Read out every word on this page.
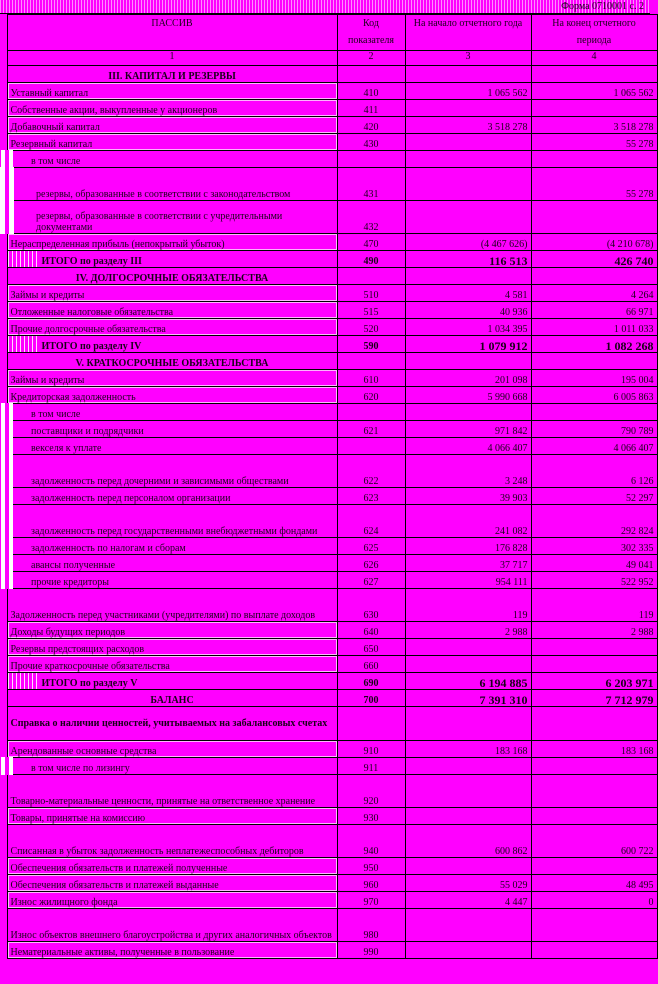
Форма 0710001 с. 2
ПАССИВ	Код показателя	На начало отчетного года	На конец отчетного периода
1	2	3	4
III. КАПИТАЛ И РЕЗЕРВЫ			
Уставный капитал	410	1 065 562	1 065 562
Собственные акции, выкупленные у акционеров	411		
Добавочный капитал	420	3 518 278	3 518 278
Резервный капитал	430		55 278
в том числе			
резервы, образованные в соответствии с законодательством	431		55 278
резервы, образованные в соответствии с учредительными документами	432		
Нераспределенная прибыль (непокрытый убыток)	470	(4 467 626)	(4 210 678)
ИТОГО по разделу III	490	116 513	426 740
IV. ДОЛГОСРОЧНЫЕ ОБЯЗАТЕЛЬСТВА			
Займы и кредиты	510	4 581	4 264
Отложенные налоговые обязательства	515	40 936	66 971
Прочие долгосрочные обязательства	520	1 034 395	1 011 033
ИТОГО по разделу IV	590	1 079 912	1 082 268
V. КРАТКОСРОЧНЫЕ ОБЯЗАТЕЛЬСТВА			
Займы и кредиты	610	201 098	195 004
Кредиторская задолженность	620	5 990 668	6 005 863
в том числе			
поставщики и подрядчики	621	971 842	790 789
векселя к уплате		4 066 407	4 066 407
задолженность перед дочерними и зависимыми обществами	622	3 248	6 126
задолженность перед персоналом организации	623	39 903	52 297
задолженность перед государственными внебюджетными фондами	624	241 082	292 824
задолженность по налогам и сборам	625	176 828	302 335
авансы полученные	626	37 717	49 041
прочие кредиторы	627	954 111	522 952
Задолженность перед участниками (учредителями) по выплате доходов	630	119	119
Доходы будущих периодов	640	2 988	2 988
Резервы предстоящих расходов	650		
Прочие краткосрочные обязательства	660		
ИТОГО по разделу V	690	6 194 885	6 203 971
БАЛАНС	700	7 391 310	7 712 979
Справка о наличии ценностей, учитываемых на забалансовых счетах			
Арендованные основные средства	910	183 168	183 168
в том числе по лизингу	911		
Товарно-материальные ценности, принятые на ответственное хранение	920		
Товары, принятые на комиссию	930		
Списанная в убыток задолженность неплатежеспособных дебиторов	940	600 862	600 722
Обеспечения обязательств и платежей полученные	950		
Обеспечения обязательств и платежей выданные	960	55 029	48 495
Износ жилищного фонда	970	4 447	0
Износ объектов внешнего благоустройства и других аналогичных объектов	980		
Нематериальные активы, полученные в пользование	990		
